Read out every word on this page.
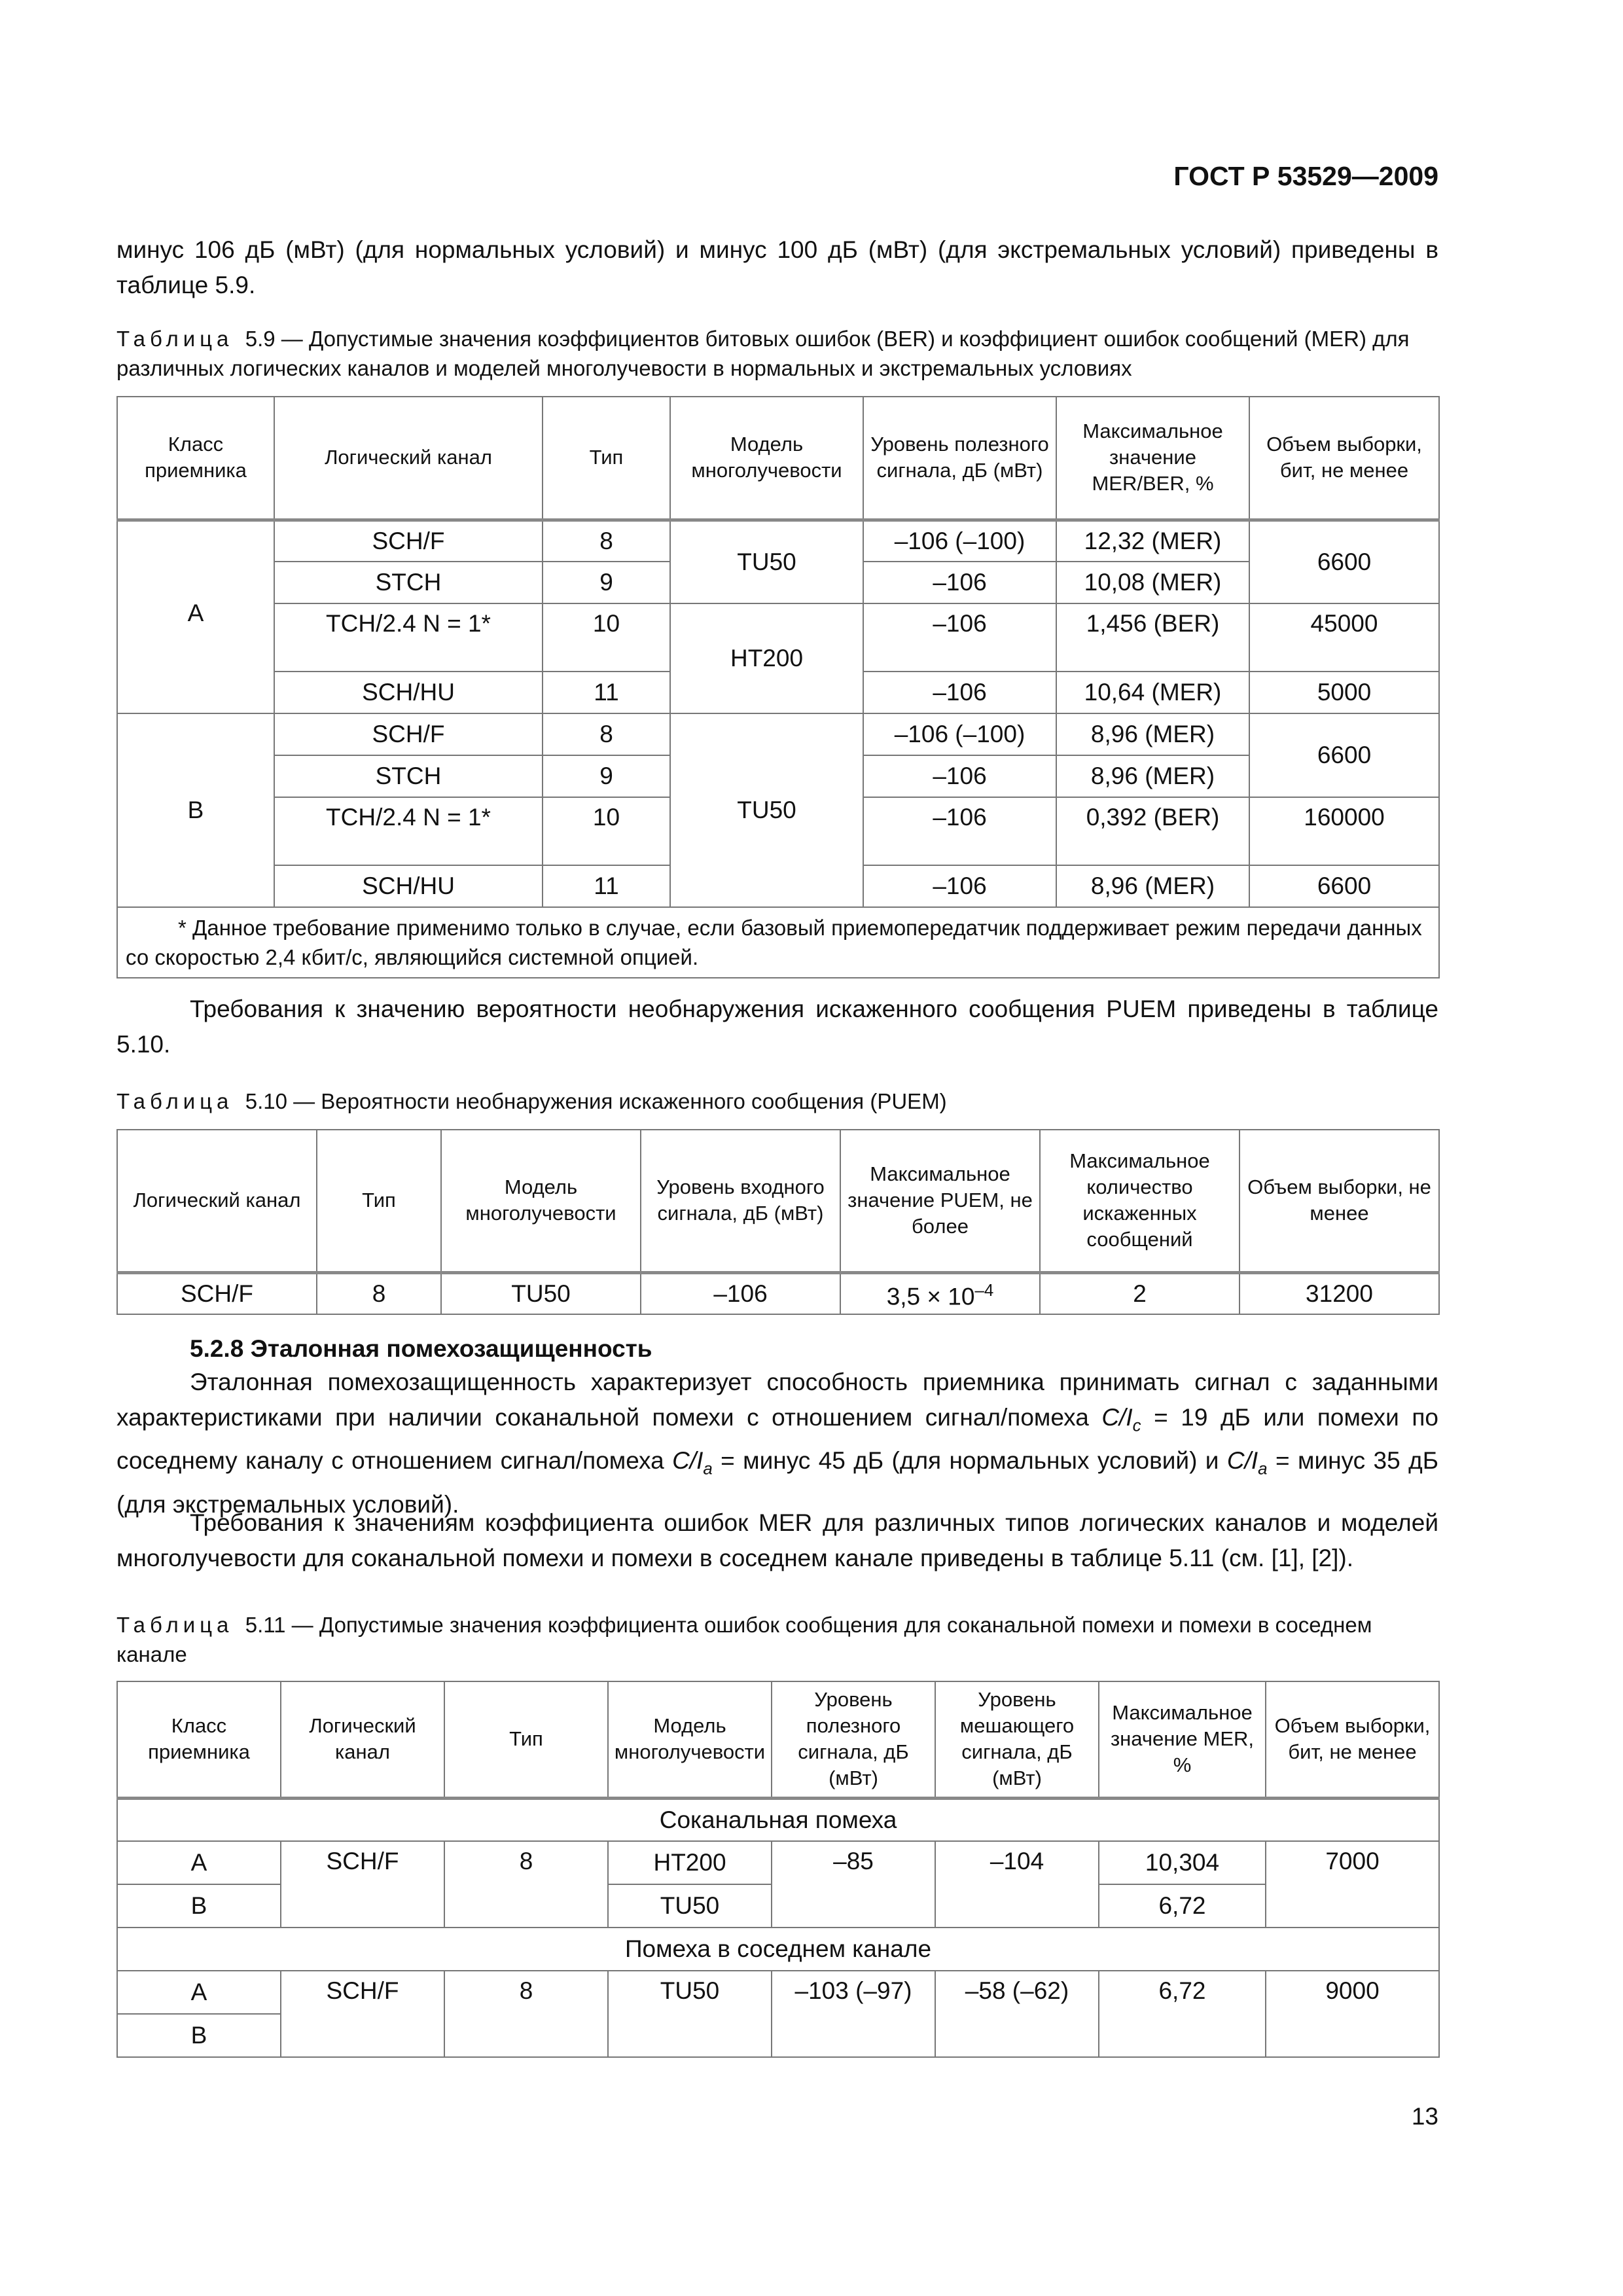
ГОСТ Р 53529—2009
минус 106 дБ (мВт) (для нормальных условий) и минус 100 дБ (мВт) (для экстремальных условий) приведены в таблице 5.9.
Таблица 5.9 — Допустимые значения коэффициентов битовых ошибок (BER) и коэффициент ошибок сообщений (MER) для различных логических каналов и моделей многолучевости в нормальных и экстремальных условиях
Класс приемника	Логический канал	Тип	Модель многолучевости	Уровень полезного сигнала, дБ (мВт)	Максимальное значение MER/BER, %	Объем выборки, бит, не менее
A	SCH/F	8	TU50	–106 (–100)	12,32 (MER)	6600
	STCH	9		–106	10,08 (MER)	
	TCH/2.4 N = 1*	10	HT200	–106	1,456 (BER)	45000
	SCH/HU	11		–106	10,64 (MER)	5000
B	SCH/F	8	TU50	–106 (–100)	8,96 (MER)	6600
	STCH	9		–106	8,96 (MER)	
	TCH/2.4 N = 1*	10		–106	0,392 (BER)	160000
	SCH/HU	11		–106	8,96 (MER)	6600
* Данное требование применимо только в случае, если базовый приемопередатчик поддерживает режим передачи данных со скоростью 2,4 кбит/с, являющийся системной опцией.						
Требования к значению вероятности необнаружения искаженного сообщения PUEM приведены в таблице 5.10.
Таблица 5.10 — Вероятности необнаружения искаженного сообщения (PUEM)
Логический канал	Тип	Модель многолучевости	Уровень входного сигнала, дБ (мВт)	Максимальное значение PUEM, не более	Максимальное количество искаженных сообщений	Объем выборки, не менее
SCH/F	8	TU50	–106	$3,5 \times 10^{-4}$	2	31200
5.2.8 Эталонная помехозащищенность
Эталонная помехозащищенность характеризует способность приемника принимать сигнал с заданными характеристиками при наличии соканальной помехи с отношением сигнал/помеха $C/I_c = 19$ дБ или помехи по соседнему каналу с отношением сигнал/помеха $C/I_a$ = минус 45 дБ (для нормальных условий) и $C/I_a$ = минус 35 дБ (для экстремальных условий).
Требования к значениям коэффициента ошибок MER для различных типов логических каналов и моделей многолучевости для соканальной помехи и помехи в соседнем канале приведены в таблице 5.11 (см. [1], [2]).
Таблица 5.11 — Допустимые значения коэффициента ошибок сообщения для соканальной помехи и помехи в соседнем канале
Класс приемника	Логический канал	Тип	Модель многолучевости	Уровень полезного сигнала, дБ (мВт)	Уровень мешающего сигнала, дБ (мВт)	Максимальное значение MER, %	Объем выборки, бит, не менее
Соканальная помеха							
A	SCH/F	8	HT200	–85	–104	10,304	7000
B			TU50			6,72	
Помеха в соседнем канале							
A	SCH/F	8	TU50	–103 (–97)	–58 (–62)	6,72	9000
B							
13
